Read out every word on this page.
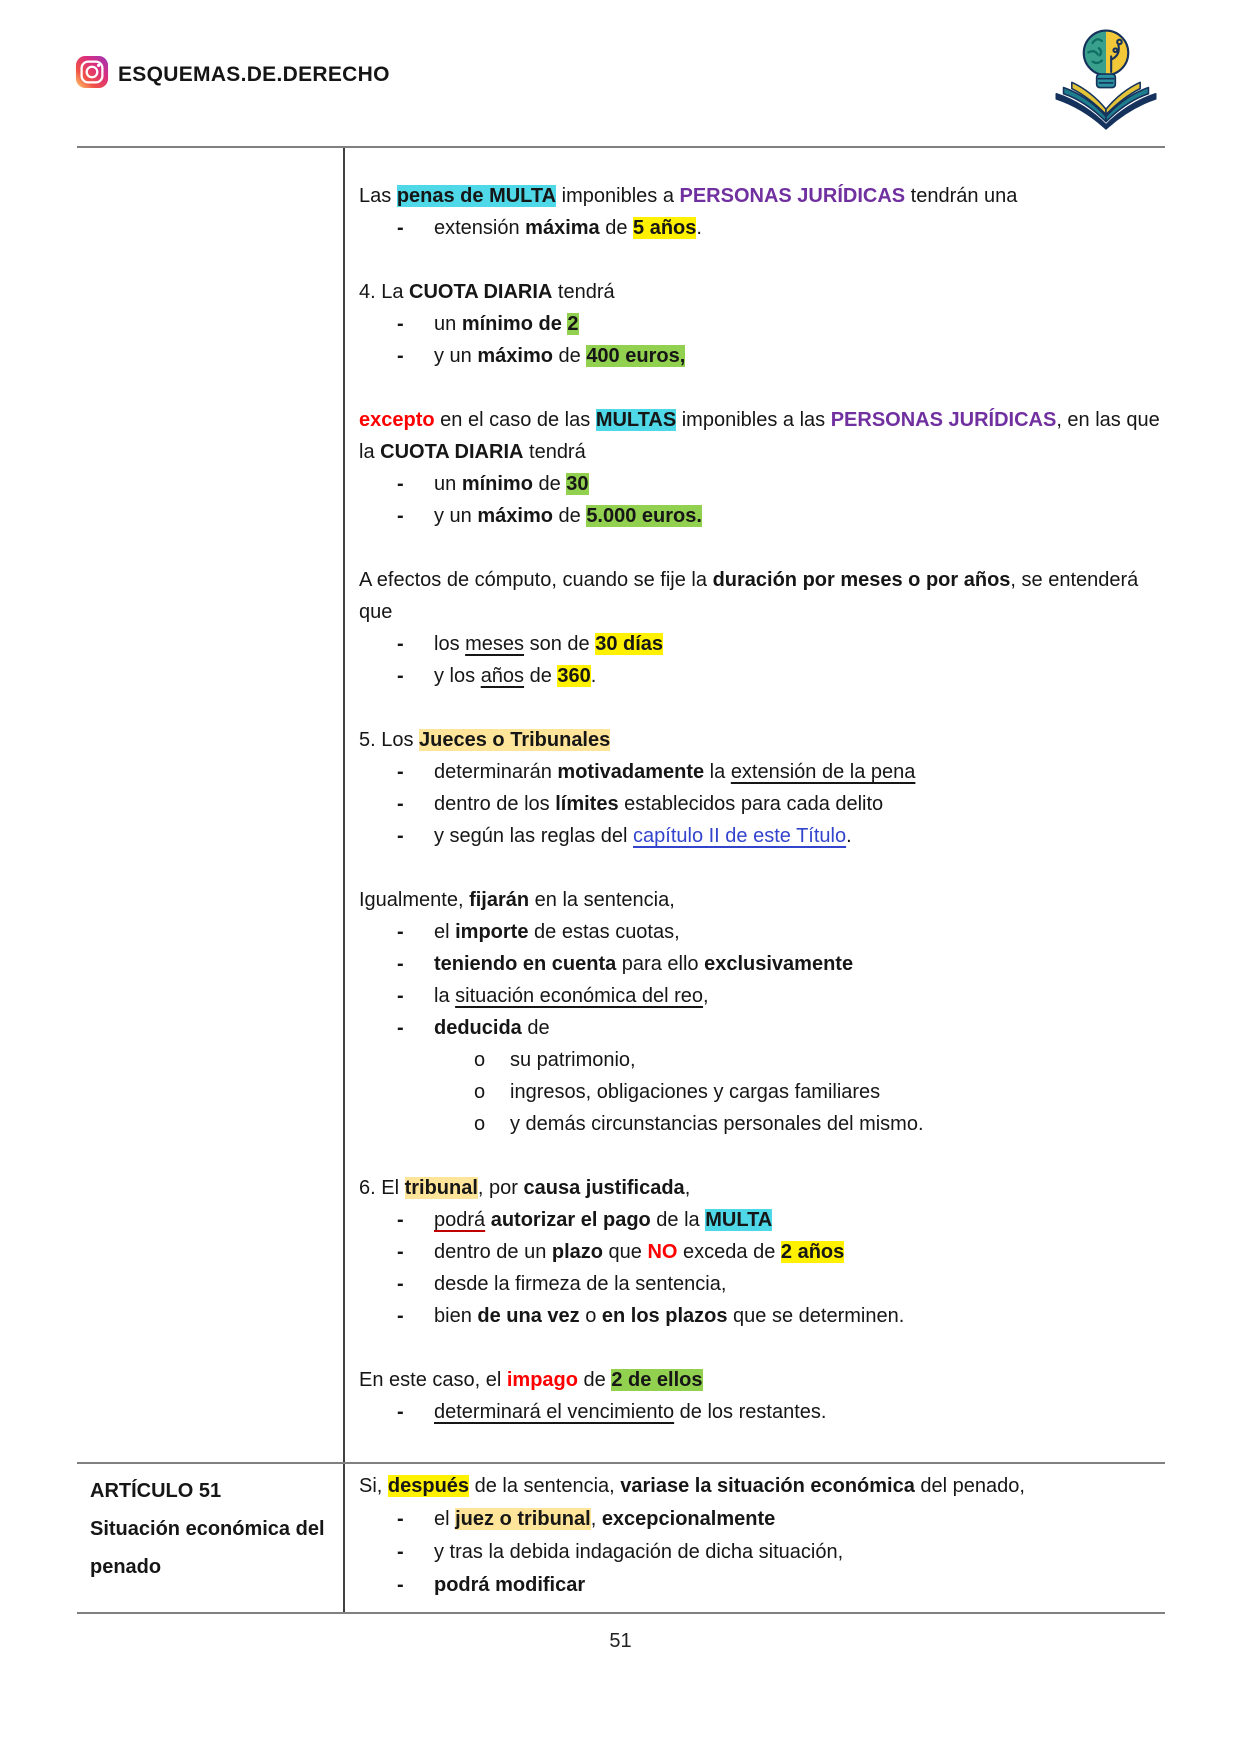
ESQUEMAS.DE.DERECHO
Las penas de MULTA imponibles a PERSONAS JURÍDICAS tendrán una
-	extensión máxima de 5 años.
4. La CUOTA DIARIA tendrá
-	un mínimo de 2
-	y un máximo de 400 euros,
excepto en el caso de las MULTAS imponibles a las PERSONAS JURÍDICAS, en las que
la CUOTA DIARIA tendrá
-	un mínimo de 30
-	y un máximo de 5.000 euros.
A efectos de cómputo, cuando se fije la duración por meses o por años, se entenderá
que
-	los meses son de 30 días
-	y los años de 360.
5. Los Jueces o Tribunales
-	determinarán motivadamente la extensión de la pena
-	dentro de los límites establecidos para cada delito
-	y según las reglas del capítulo II de este Título.
Igualmente, fijarán en la sentencia,
-	el importe de estas cuotas,
-	teniendo en cuenta para ello exclusivamente
-	la situación económica del reo,
-	deducida de
o	su patrimonio,
o	ingresos, obligaciones y cargas familiares
o	y demás circunstancias personales del mismo.
6. El tribunal, por causa justificada,
-	podrá autorizar el pago de la MULTA
-	dentro de un plazo que NO exceda de 2 años
-	desde la firmeza de la sentencia,
-	bien de una vez o en los plazos que se determinen.
En este caso, el impago de 2 de ellos
-	determinará el vencimiento de los restantes.
ARTÍCULO 51
Situación económica del
penado
Si, después de la sentencia, variase la situación económica del penado,
-	el juez o tribunal, excepcionalmente
-	y tras la debida indagación de dicha situación,
-	podrá modificar
51
